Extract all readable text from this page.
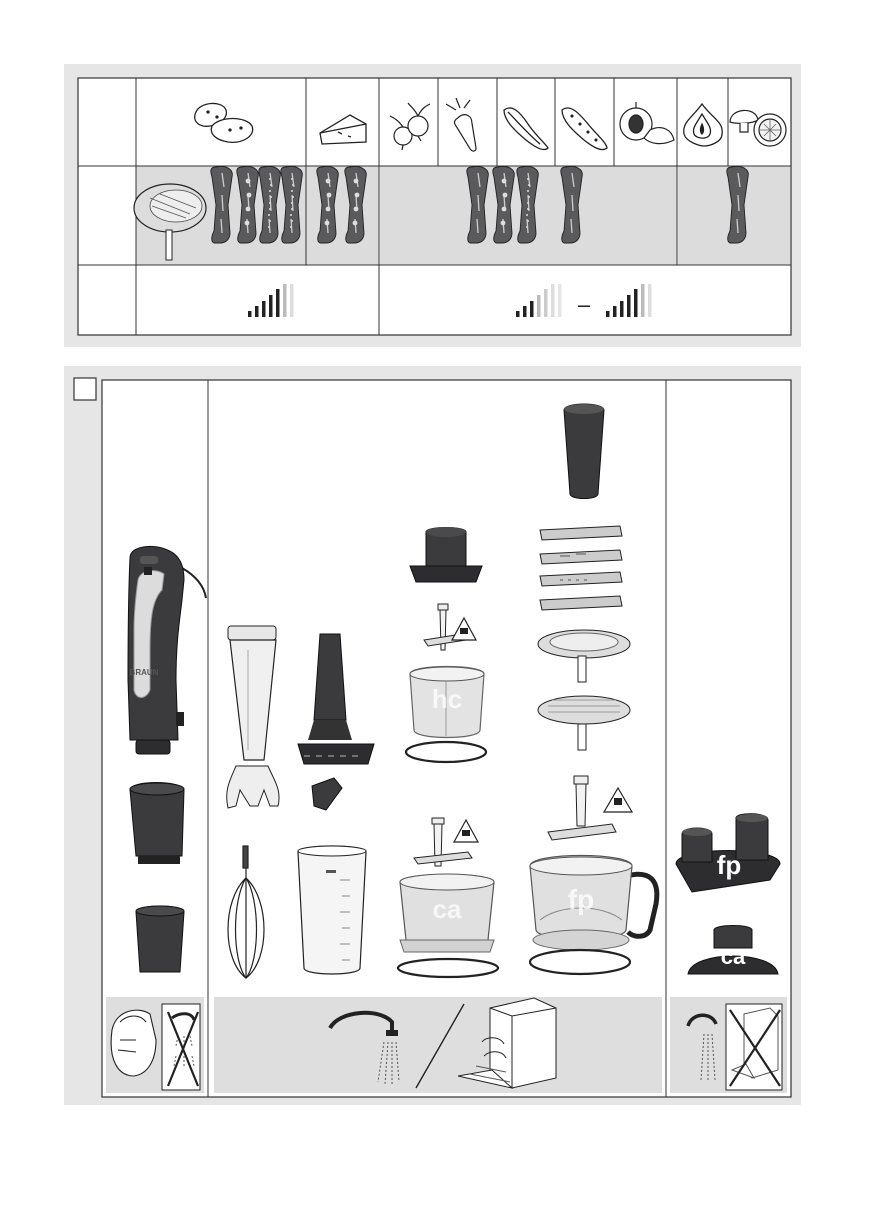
–
BRAUN
hc
ca	fp
fp
ca
